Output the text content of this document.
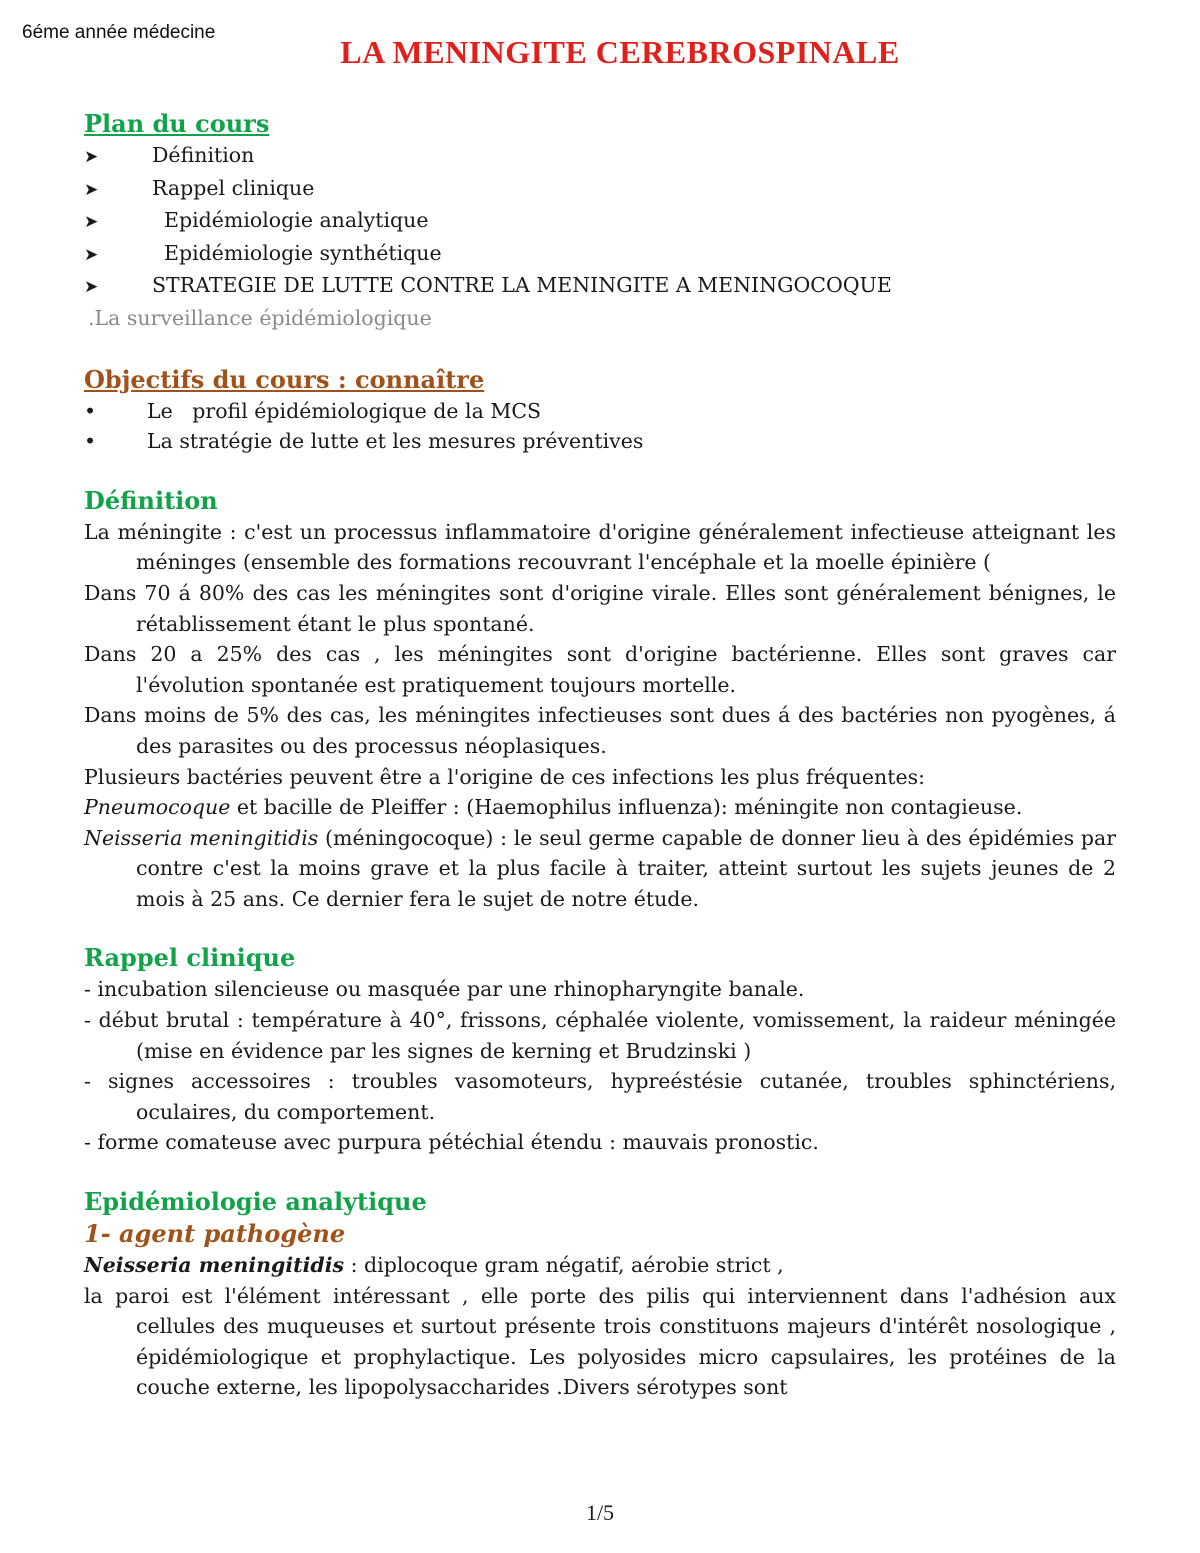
6éme année médecine
LA MENINGITE CEREBROSPINALE
Plan du cours
➤	Définition
➤	Rappel clinique
➤	Epidémiologie analytique
➤	Epidémiologie synthétique
➤	STRATEGIE DE LUTTE CONTRE LA MENINGITE A MENINGOCOQUE
.La surveillance épidémiologique
Objectifs du cours : connaître
•	Le   profil épidémiologique de la MCS
•	La stratégie de lutte et les mesures préventives
Définition
La méningite : c'est un processus inflammatoire d'origine généralement infectieuse atteignant les méninges (ensemble des formations recouvrant l'encéphale et la moelle épinière (
Dans 70 á 80% des cas les méningites sont d'origine virale. Elles sont généralement bénignes, le rétablissement étant le plus spontané.
Dans 20 a 25% des cas , les méningites sont d'origine bactérienne. Elles sont graves car l'évolution spontanée est pratiquement toujours mortelle.
Dans moins de 5% des cas, les méningites infectieuses sont dues á des bactéries non pyogènes, á des parasites ou des processus néoplasiques.
Plusieurs bactéries peuvent être a l'origine de ces infections les plus fréquentes:
Pneumocoque et bacille de Pleiffer : (Haemophilus influenza): méningite non contagieuse.
Neisseria meningitidis (méningocoque) : le seul germe capable de donner lieu à des épidémies par contre c'est la moins grave et la plus facile à traiter, atteint surtout les sujets jeunes de 2 mois à 25 ans. Ce dernier fera le sujet de notre étude.
Rappel clinique
- incubation silencieuse ou masquée par une rhinopharyngite banale.
- début brutal : température à 40°, frissons, céphalée violente, vomissement, la raideur méningée (mise en évidence par les signes de kerning et Brudzinski )
- signes accessoires : troubles vasomoteurs, hypreéstésie cutanée, troubles sphinctériens, oculaires, du comportement.
- forme comateuse avec purpura pétéchial étendu : mauvais pronostic.
Epidémiologie analytique
1- agent pathogène
Neisseria meningitidis : diplocoque gram négatif, aérobie strict ,
la paroi est l'élément intéressant , elle porte des pilis qui interviennent dans l'adhésion aux cellules des muqueuses et surtout présente trois constituons majeurs d'intérêt nosologique , épidémiologique et prophylactique. Les polyosides micro capsulaires, les protéines de la couche externe, les lipopolysaccharides .Divers sérotypes sont
1/5
